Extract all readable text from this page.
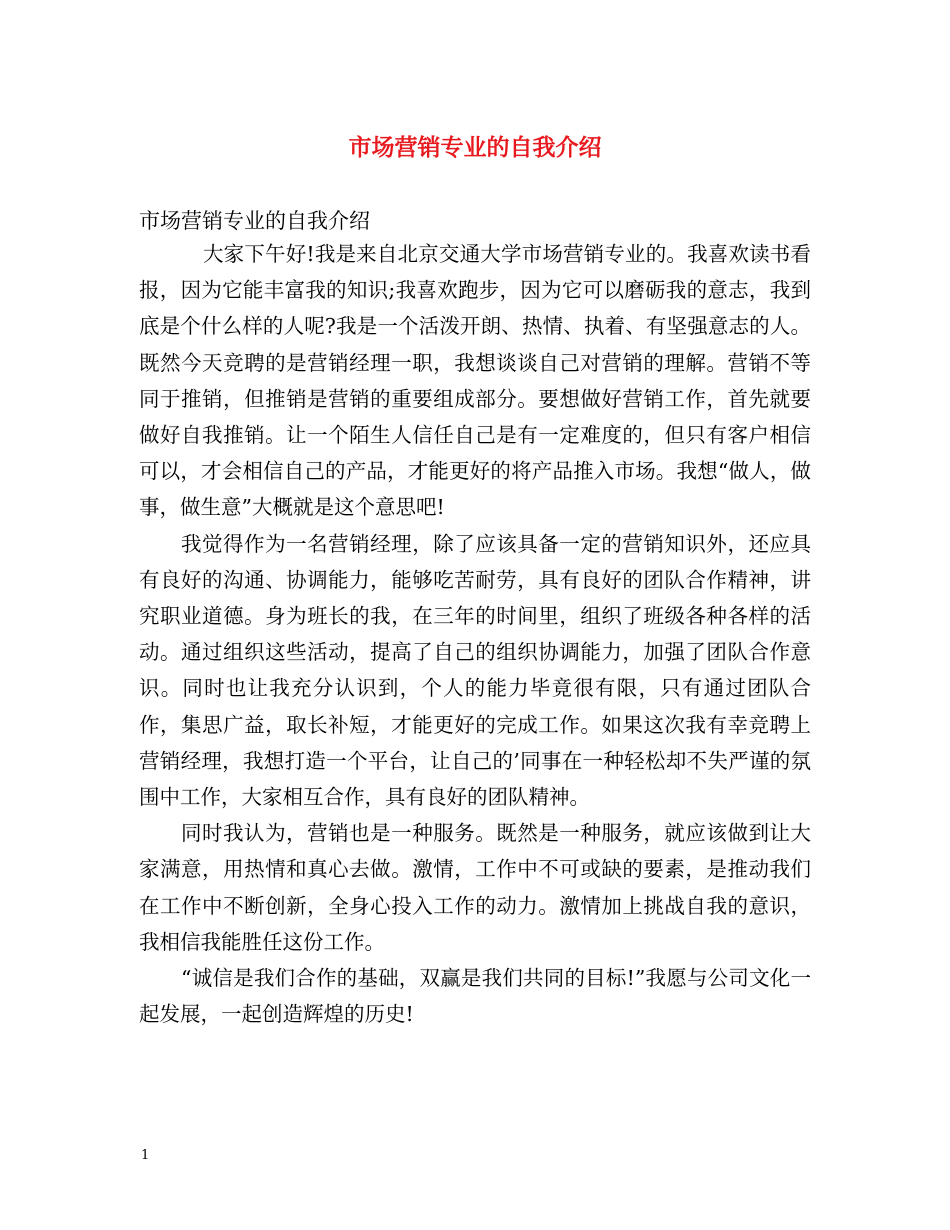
市场营销专业的自我介绍

市场营销专业的自我介绍

大家下午好!我是来自北京交通大学市场营销专业的。我喜欢读书看报，因为它能丰富我的知识;我喜欢跑步，因为它可以磨砺我的意志，我到底是个什么样的人呢?我是一个活泼开朗、热情、执着、有坚强意志的人。既然今天竞聘的是营销经理一职，我想谈谈自己对营销的理解。营销不等同于推销，但推销是营销的重要组成部分。要想做好营销工作，首先就要做好自我推销。让一个陌生人信任自己是有一定难度的，但只有客户相信可以，才会相信自己的产品，才能更好的将产品推入市场。我想“做人，做事，做生意”大概就是这个意思吧!

我觉得作为一名营销经理，除了应该具备一定的营销知识外，还应具有良好的沟通、协调能力，能够吃苦耐劳，具有良好的团队合作精神，讲究职业道德。身为班长的我，在三年的时间里，组织了班级各种各样的活动。通过组织这些活动，提高了自己的组织协调能力，加强了团队合作意识。同时也让我充分认识到，个人的能力毕竟很有限，只有通过团队合作，集思广益，取长补短，才能更好的完成工作。如果这次我有幸竞聘上营销经理，我想打造一个平台，让自己的’同事在一种轻松却不失严谨的氛围中工作，大家相互合作，具有良好的团队精神。

同时我认为，营销也是一种服务。既然是一种服务，就应该做到让大家满意，用热情和真心去做。激情，工作中不可或缺的要素，是推动我们在工作中不断创新，全身心投入工作的动力。激情加上挑战自我的意识，我相信我能胜任这份工作。

“诚信是我们合作的基础，双赢是我们共同的目标!”我愿与公司文化一起发展，一起创造辉煌的历史!

1
